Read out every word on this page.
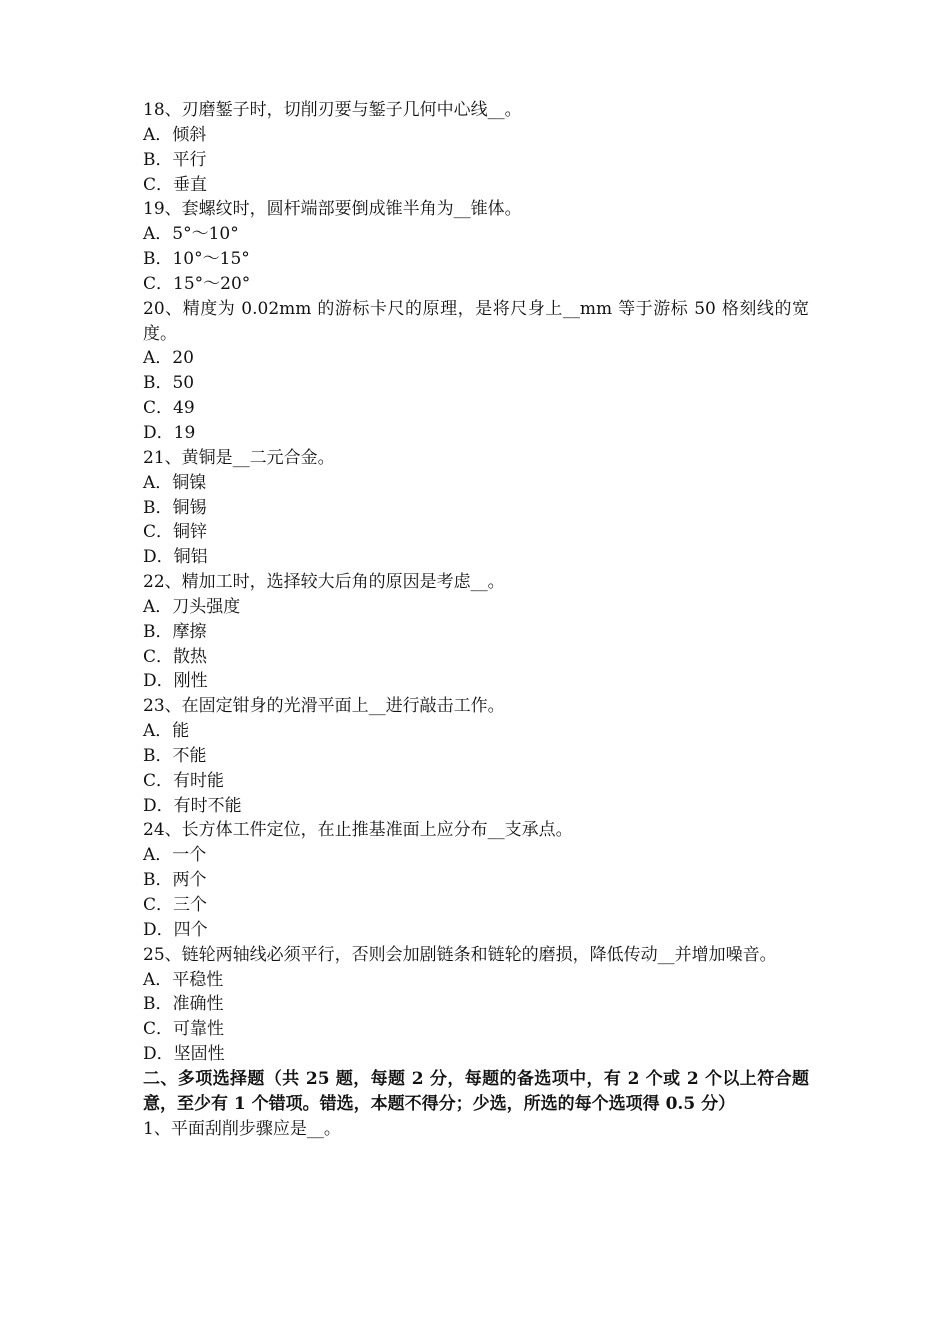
18、刃磨錾子时，切削刃要与錾子几何中心线__。
A．倾斜
B．平行
C．垂直
19、套螺纹时，圆杆端部要倒成锥半角为__锥体。
A．5°～10°
B．10°～15°
C．15°～20°
20、精度为 0.02mm 的游标卡尺的原理，是将尺身上__mm 等于游标 50 格刻线的宽度。
A．20
B．50
C．49
D．19
21、黄铜是__二元合金。
A．铜镍
B．铜锡
C．铜锌
D．铜铝
22、精加工时，选择较大后角的原因是考虑__。
A．刀头强度
B．摩擦
C．散热
D．刚性
23、在固定钳身的光滑平面上__进行敲击工作。
A．能
B．不能
C．有时能
D．有时不能
24、长方体工件定位，在止推基准面上应分布__支承点。
A．一个
B．两个
C．三个
D．四个
25、链轮两轴线必须平行，否则会加剧链条和链轮的磨损，降低传动__并增加噪音。
A．平稳性
B．准确性
C．可靠性
D．坚固性
二、多项选择题（共 25 题，每题 2 分，每题的备选项中，有 2 个或 2 个以上符合题意，至少有 1 个错项。错选，本题不得分；少选，所选的每个选项得 0.5 分）
1、平面刮削步骤应是__。
